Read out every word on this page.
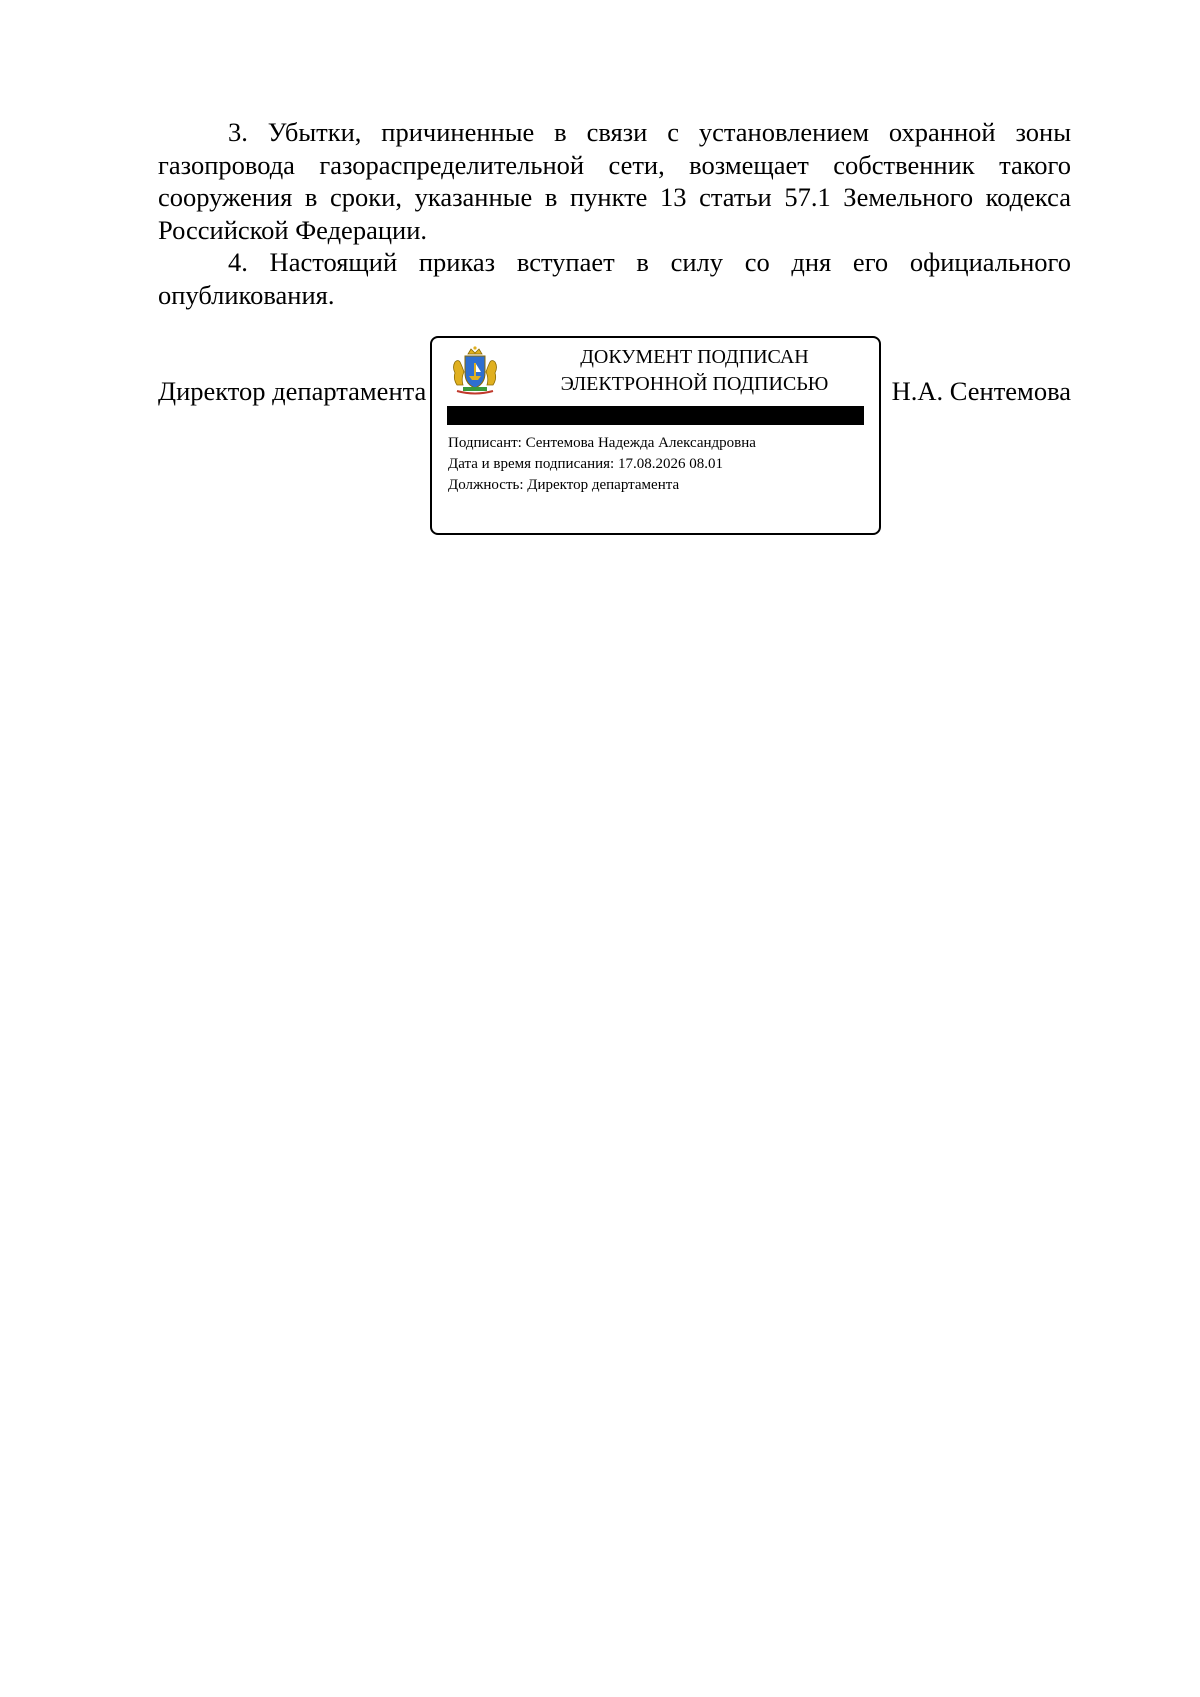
3. Убытки, причиненные в связи с установлением охранной зоны газопровода газораспределительной сети, возмещает собственник такого сооружения в сроки, указанные в пункте 13 статьи 57.1 Земельного кодекса Российской Федерации.

4. Настоящий приказ вступает в силу со дня его официального опубликования.

Директор департамента	Н.А. Сентемова
ДОКУМЕНТ ПОДПИСАН
ЭЛЕКТРОННОЙ ПОДПИСЬЮ
Подписант: Сентемова Надежда Александровна
Дата и время подписания: 17.08.2026 08.01
Должность: Директор департамента
